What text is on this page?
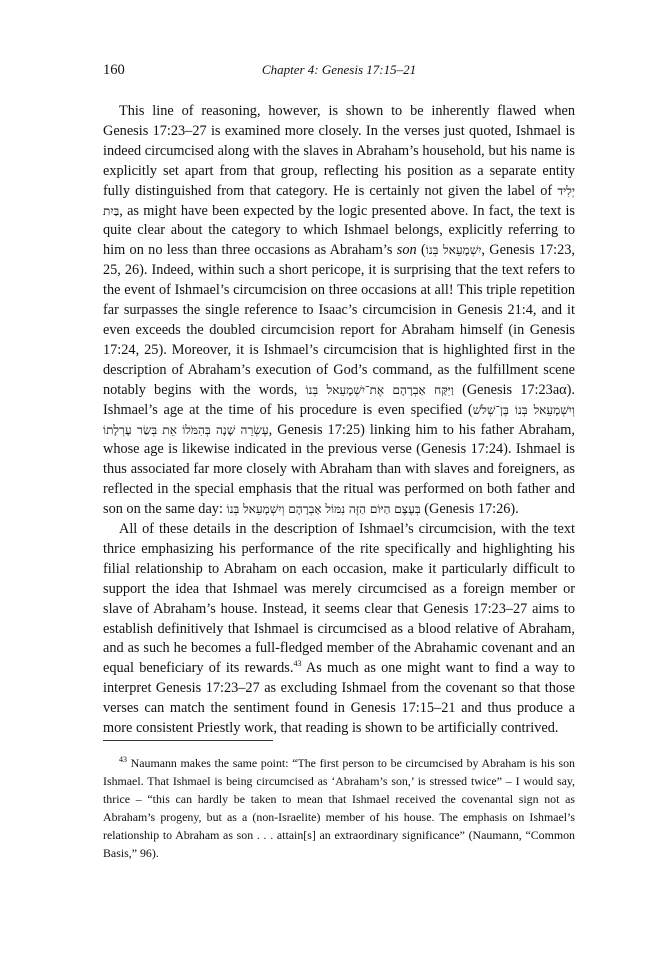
160	Chapter 4: Genesis 17:15–21

This line of reasoning, however, is shown to be inherently flawed when Genesis 17:23–27 is examined more closely. In the verses just quoted, Ishmael is indeed circumcised along with the slaves in Abraham’s household, but his name is explicitly set apart from that group, reflecting his position as a separate entity fully distinguished from that category. He is certainly not given the label of יְלִיד בַּיִת, as might have been expected by the logic presented above. In fact, the text is quite clear about the category to which Ishmael belongs, explicitly referring to him on no less than three occasions as Abraham’s son (יִשְׁמָעֵאל בְּנוֹ, Genesis 17:23, 25, 26). Indeed, within such a short pericope, it is surprising that the text refers to the event of Ishmael’s circumcision on three occasions at all! This triple repetition far surpasses the single reference to Isaac’s circumcision in Genesis 21:4, and it even exceeds the doubled circumcision report for Abraham himself (in Genesis 17:24, 25). Moreover, it is Ishmael’s circumcision that is highlighted first in the description of Abraham’s execution of God’s command, as the fulfillment scene notably begins with the words, וַיִּקַּח אַבְרָהָם אֶת־יִשְׁמָעֵאל בְּנוֹ (Genesis 17:23aα). Ishmael’s age at the time of his procedure is even specified (וְיִשְׁמָעֵאל בְּנוֹ בֶּן־שְׁלֹשׁ עֶשְׂרֵה שָׁנָה בְּהִמֹּלוֹ אֵת בְּשַׂר עָרְלָתוֹ, Genesis 17:25) linking him to his father Abraham, whose age is likewise indicated in the previous verse (Genesis 17:24). Ishmael is thus associated far more closely with Abraham than with slaves and foreigners, as reflected in the special emphasis that the ritual was performed on both father and son on the same day: בְּעֶצֶם הַיּוֹם הַזֶּה נִמּוֹל אַבְרָהָם וְיִשְׁמָעֵאל בְּנוֹ (Genesis 17:26).

All of these details in the description of Ishmael’s circumcision, with the text thrice emphasizing his performance of the rite specifically and highlighting his filial relationship to Abraham on each occasion, make it particularly difficult to support the idea that Ishmael was merely circumcised as a foreign member or slave of Abraham’s house. Instead, it seems clear that Genesis 17:23–27 aims to establish definitively that Ishmael is circumcised as a blood relative of Abraham, and as such he becomes a full-fledged member of the Abrahamic covenant and an equal beneficiary of its rewards.$^{43}$ As much as one might want to find a way to interpret Genesis 17:23–27 as excluding Ishmael from the covenant so that those verses can match the sentiment found in Genesis 17:15–21 and thus produce a more consistent Priestly work, that reading is shown to be artificially contrived.

$^{43}$ Naumann makes the same point: “The first person to be circumcised by Abraham is his son Ishmael. That Ishmael is being circumcised as ‘Abraham’s son,’ is stressed twice” – I would say, thrice – “this can hardly be taken to mean that Ishmael received the covenantal sign not as Abraham’s progeny, but as a (non-Israelite) member of his house. The emphasis on Ishmael’s relationship to Abraham as son . . . attain[s] an extraordinary significance” (Naumann, “Common Basis,” 96).
